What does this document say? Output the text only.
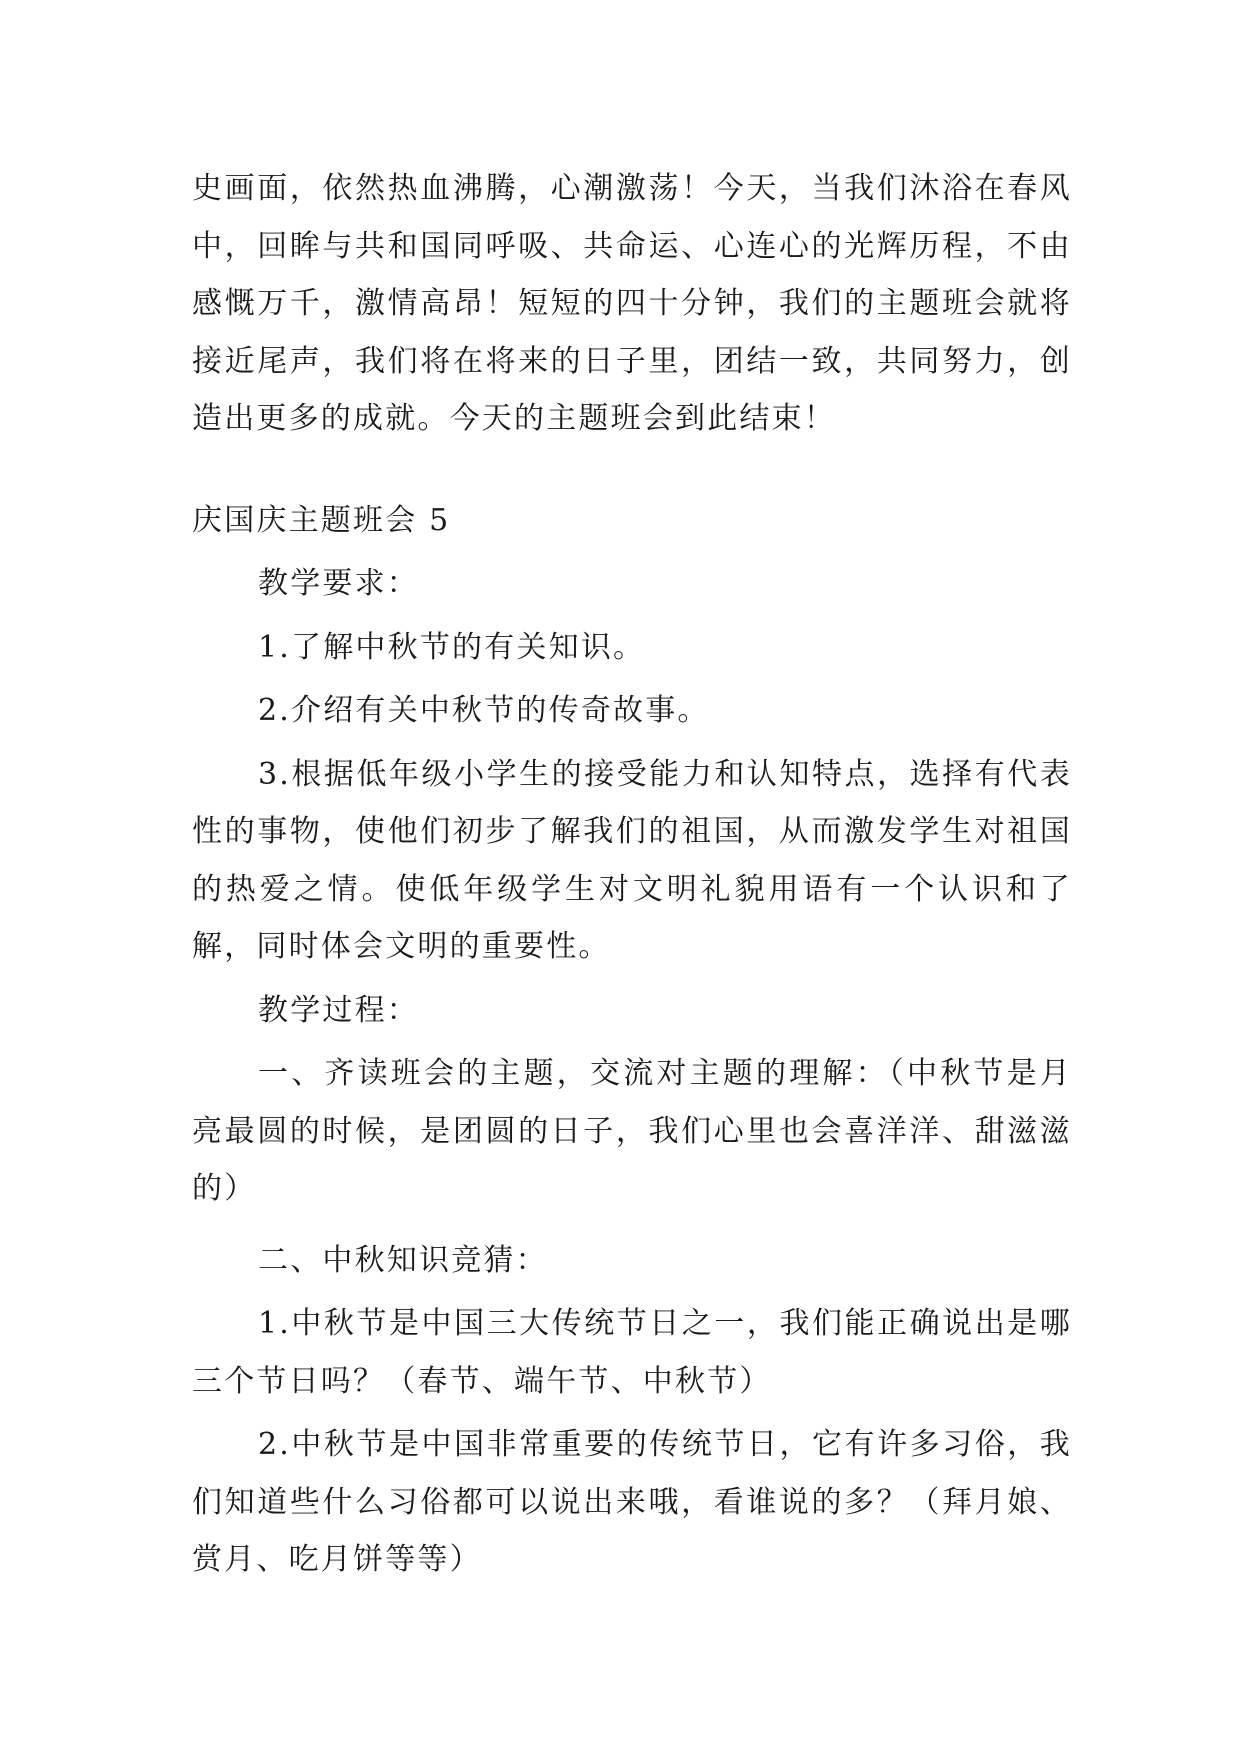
史画面，依然热血沸腾，心潮激荡！今天，当我们沐浴在春风中，回眸与共和国同呼吸、共命运、心连心的光辉历程，不由感慨万千，激情高昂！短短的四十分钟，我们的主题班会就将接近尾声，我们将在将来的日子里，团结一致，共同努力，创造出更多的成就。今天的主题班会到此结束！

庆国庆主题班会 5

教学要求：

1.了解中秋节的有关知识。

2.介绍有关中秋节的传奇故事。

3.根据低年级小学生的接受能力和认知特点，选择有代表性的事物，使他们初步了解我们的祖国，从而激发学生对祖国的热爱之情。使低年级学生对文明礼貌用语有一个认识和了解，同时体会文明的重要性。

教学过程：

一、齐读班会的主题，交流对主题的理解：（中秋节是月亮最圆的时候，是团圆的日子，我们心里也会喜洋洋、甜滋滋的）

二、中秋知识竞猜：

1.中秋节是中国三大传统节日之一，我们能正确说出是哪三个节日吗？（春节、端午节、中秋节）

2.中秋节是中国非常重要的传统节日，它有许多习俗，我们知道些什么习俗都可以说出来哦，看谁说的多？（拜月娘、赏月、吃月饼等等）
